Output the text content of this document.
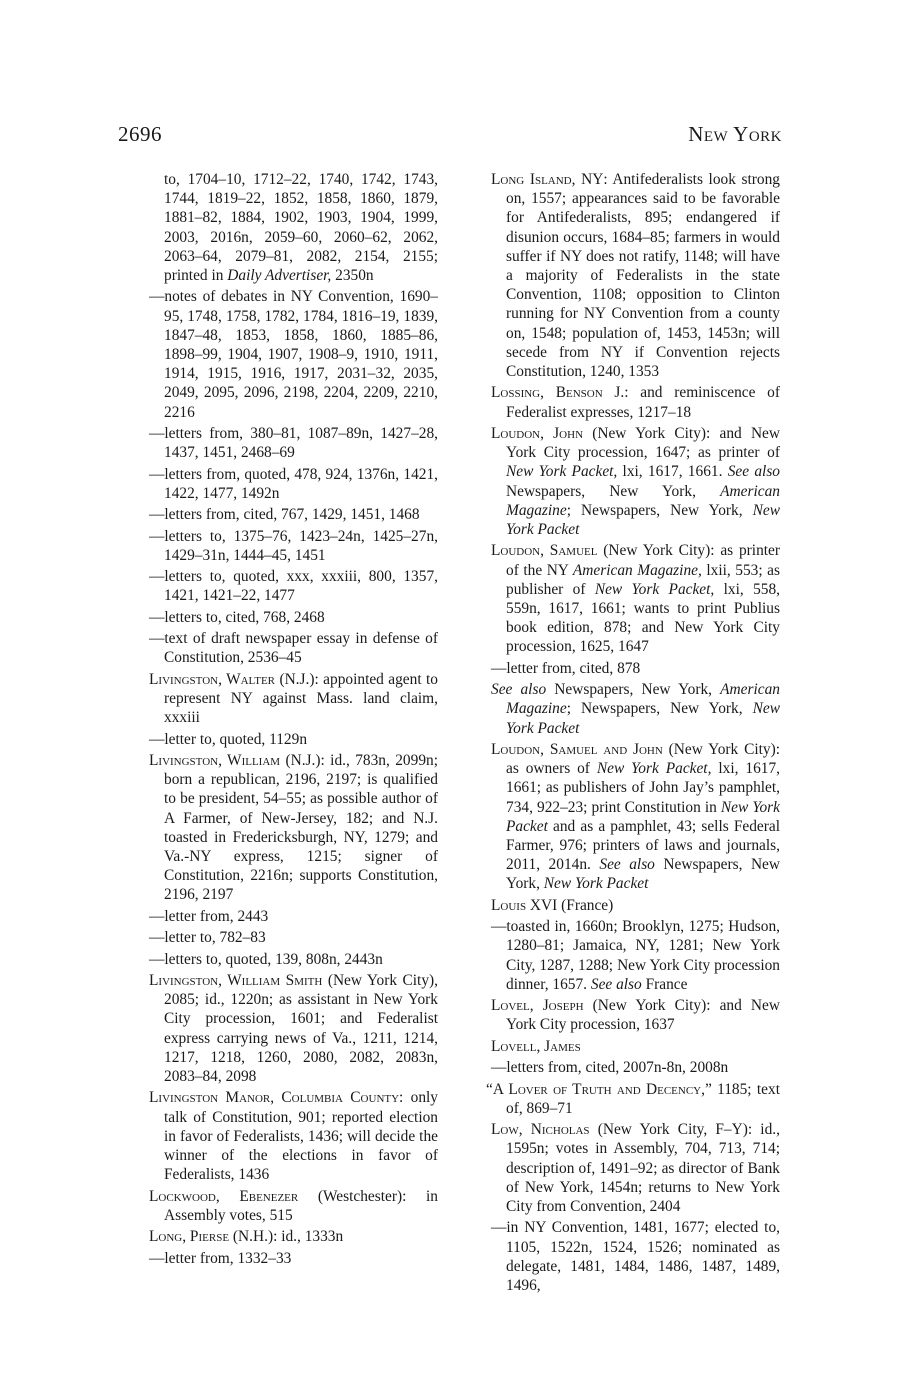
2696	New York

to, 1704–10, 1712–22, 1740, 1742, 1743, 1744, 1819–22, 1852, 1858, 1860, 1879, 1881–82, 1884, 1902, 1903, 1904, 1999, 2003, 2016n, 2059–60, 2060–62, 2062, 2063–64, 2079–81, 2082, 2154, 2155; printed in Daily Advertiser, 2350n

—notes of debates in NY Convention, 1690–95, 1748, 1758, 1782, 1784, 1816–19, 1839, 1847–48, 1853, 1858, 1860, 1885–86, 1898–99, 1904, 1907, 1908–9, 1910, 1911, 1914, 1915, 1916, 1917, 2031–32, 2035, 2049, 2095, 2096, 2198, 2204, 2209, 2210, 2216

—letters from, 380–81, 1087–89n, 1427–28, 1437, 1451, 2468–69

—letters from, quoted, 478, 924, 1376n, 1421, 1422, 1477, 1492n

—letters from, cited, 767, 1429, 1451, 1468

—letters to, 1375–76, 1423–24n, 1425–27n, 1429–31n, 1444–45, 1451

—letters to, quoted, xxx, xxxiii, 800, 1357, 1421, 1421–22, 1477

—letters to, cited, 768, 2468

—text of draft newspaper essay in defense of Constitution, 2536–45

Livingston, Walter (N.J.): appointed agent to represent NY against Mass. land claim, xxxiii

—letter to, quoted, 1129n

Livingston, William (N.J.): id., 783n, 2099n; born a republican, 2196, 2197; is qualified to be president, 54–55; as possible author of A Farmer, of New-Jersey, 182; and N.J. toasted in Fredericksburgh, NY, 1279; and Va.-NY express, 1215; signer of Constitution, 2216n; supports Constitution, 2196, 2197

—letter from, 2443

—letter to, 782–83

—letters to, quoted, 139, 808n, 2443n

Livingston, William Smith (New York City), 2085; id., 1220n; as assistant in New York City procession, 1601; and Federalist express carrying news of Va., 1211, 1214, 1217, 1218, 1260, 2080, 2082, 2083n, 2083–84, 2098

Livingston Manor, Columbia County: only talk of Constitution, 901; reported election in favor of Federalists, 1436; will decide the winner of the elections in favor of Federalists, 1436

Lockwood, Ebenezer (Westchester): in Assembly votes, 515

Long, Pierse (N.H.): id., 1333n

—letter from, 1332–33

Long Island, NY: Antifederalists look strong on, 1557; appearances said to be favorable for Antifederalists, 895; endangered if disunion occurs, 1684–85; farmers in would suffer if NY does not ratify, 1148; will have a majority of Federalists in the state Convention, 1108; opposition to Clinton running for NY Convention from a county on, 1548; population of, 1453, 1453n; will secede from NY if Convention rejects Constitution, 1240, 1353

Lossing, Benson J.: and reminiscence of Federalist expresses, 1217–18

Loudon, John (New York City): and New York City procession, 1647; as printer of New York Packet, lxi, 1617, 1661. See also Newspapers, New York, American Magazine; Newspapers, New York, New York Packet

Loudon, Samuel (New York City): as printer of the NY American Magazine, lxii, 553; as publisher of New York Packet, lxi, 558, 559n, 1617, 1661; wants to print Publius book edition, 878; and New York City procession, 1625, 1647

—letter from, cited, 878

See also Newspapers, New York, American Magazine; Newspapers, New York, New York Packet

Loudon, Samuel and John (New York City): as owners of New York Packet, lxi, 1617, 1661; as publishers of John Jay’s pamphlet, 734, 922–23; print Constitution in New York Packet and as a pamphlet, 43; sells Federal Farmer, 976; printers of laws and journals, 2011, 2014n. See also Newspapers, New York, New York Packet

Louis XVI (France)

—toasted in, 1660n; Brooklyn, 1275; Hudson, 1280–81; Jamaica, NY, 1281; New York City, 1287, 1288; New York City procession dinner, 1657. See also France

Lovel, Joseph (New York City): and New York City procession, 1637

Lovell, James

—letters from, cited, 2007n-8n, 2008n

“A Lover of Truth and Decency,” 1185; text of, 869–71

Low, Nicholas (New York City, F–Y): id., 1595n; votes in Assembly, 704, 713, 714; description of, 1491–92; as director of Bank of New York, 1454n; returns to New York City from Convention, 2404

—in NY Convention, 1481, 1677; elected to, 1105, 1522n, 1524, 1526; nominated as delegate, 1481, 1484, 1486, 1487, 1489, 1496,
